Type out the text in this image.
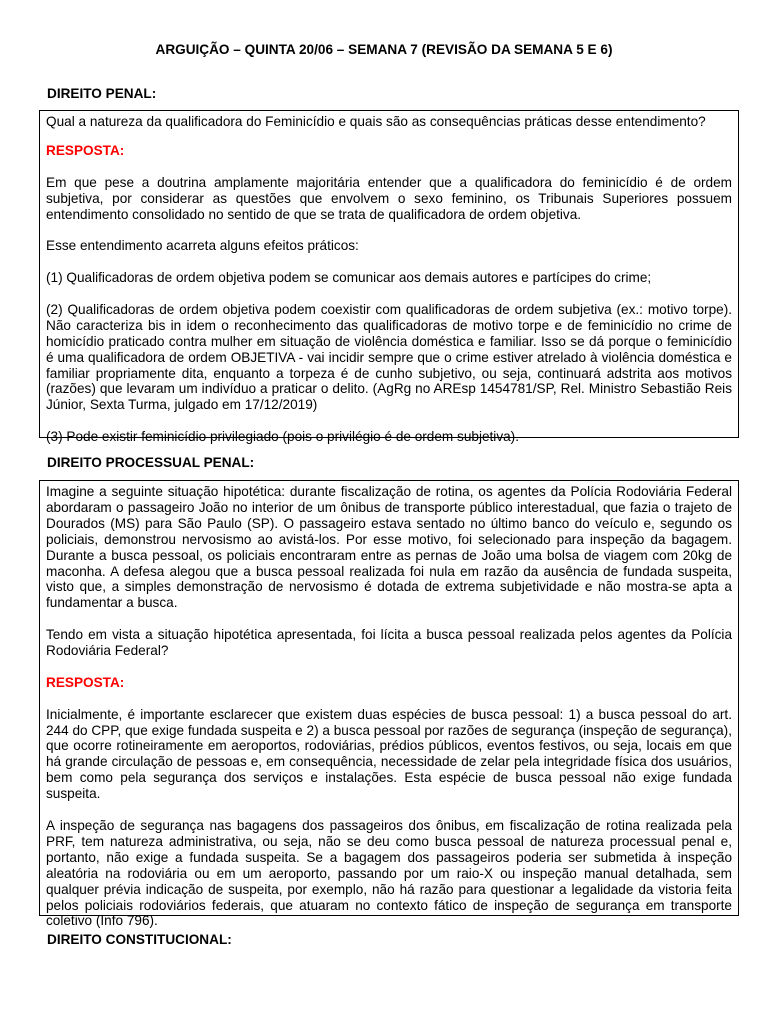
ARGUIÇÃO – QUINTA 20/06 – SEMANA 7 (REVISÃO DA SEMANA 5 E 6)
DIREITO PENAL:

Qual a natureza da qualificadora do Feminicídio e quais são as consequências práticas desse entendimento?

RESPOSTA:

Em que pese a doutrina amplamente majoritária entender que a qualificadora do feminicídio é de ordem subjetiva, por considerar as questões que envolvem o sexo feminino, os Tribunais Superiores possuem entendimento consolidado no sentido de que se trata de qualificadora de ordem objetiva.

Esse entendimento acarreta alguns efeitos práticos:

(1) Qualificadoras de ordem objetiva podem se comunicar aos demais autores e partícipes do crime;

(2) Qualificadoras de ordem objetiva podem coexistir com qualificadoras de ordem subjetiva (ex.: motivo torpe). Não caracteriza bis in idem o reconhecimento das qualificadoras de motivo torpe e de feminicídio no crime de homicídio praticado contra mulher em situação de violência doméstica e familiar. Isso se dá porque o feminicídio é uma qualificadora de ordem OBJETIVA - vai incidir sempre que o crime estiver atrelado à violência doméstica e familiar propriamente dita, enquanto a torpeza é de cunho subjetivo, ou seja, continuará adstrita aos motivos (razões) que levaram um indivíduo a praticar o delito. (AgRg no AREsp 1454781/SP, Rel. Ministro Sebastião Reis Júnior, Sexta Turma, julgado em 17/12/2019)

(3) Pode existir feminicídio privilegiado (pois o privilégio é de ordem subjetiva).

DIREITO PROCESSUAL PENAL:

Imagine a seguinte situação hipotética: durante fiscalização de rotina, os agentes da Polícia Rodoviária Federal abordaram o passageiro João no interior de um ônibus de transporte público interestadual, que fazia o trajeto de Dourados (MS) para São Paulo (SP). O passageiro estava sentado no último banco do veículo e, segundo os policiais, demonstrou nervosismo ao avistá-los. Por esse motivo, foi selecionado para inspeção da bagagem. Durante a busca pessoal, os policiais encontraram entre as pernas de João uma bolsa de viagem com 20kg de maconha. A defesa alegou que a busca pessoal realizada foi nula em razão da ausência de fundada suspeita, visto que, a simples demonstração de nervosismo é dotada de extrema subjetividade e não mostra-se apta a fundamentar a busca.

Tendo em vista a situação hipotética apresentada, foi lícita a busca pessoal realizada pelos agentes da Polícia Rodoviária Federal?

RESPOSTA:

Inicialmente, é importante esclarecer que existem duas espécies de busca pessoal: 1) a busca pessoal do art. 244 do CPP, que exige fundada suspeita e 2) a busca pessoal por razões de segurança (inspeção de segurança), que ocorre rotineiramente em aeroportos, rodoviárias, prédios públicos, eventos festivos, ou seja, locais em que há grande circulação de pessoas e, em consequência, necessidade de zelar pela integridade física dos usuários, bem como pela segurança dos serviços e instalações. Esta espécie de busca pessoal não exige fundada suspeita.

A inspeção de segurança nas bagagens dos passageiros dos ônibus, em fiscalização de rotina realizada pela PRF, tem natureza administrativa, ou seja, não se deu como busca pessoal de natureza processual penal e, portanto, não exige a fundada suspeita. Se a bagagem dos passageiros poderia ser submetida à inspeção aleatória na rodoviária ou em um aeroporto, passando por um raio-X ou inspeção manual detalhada, sem qualquer prévia indicação de suspeita, por exemplo, não há razão para questionar a legalidade da vistoria feita pelos policiais rodoviários federais, que atuaram no contexto fático de inspeção de segurança em transporte coletivo (Info 796).

DIREITO CONSTITUCIONAL:
